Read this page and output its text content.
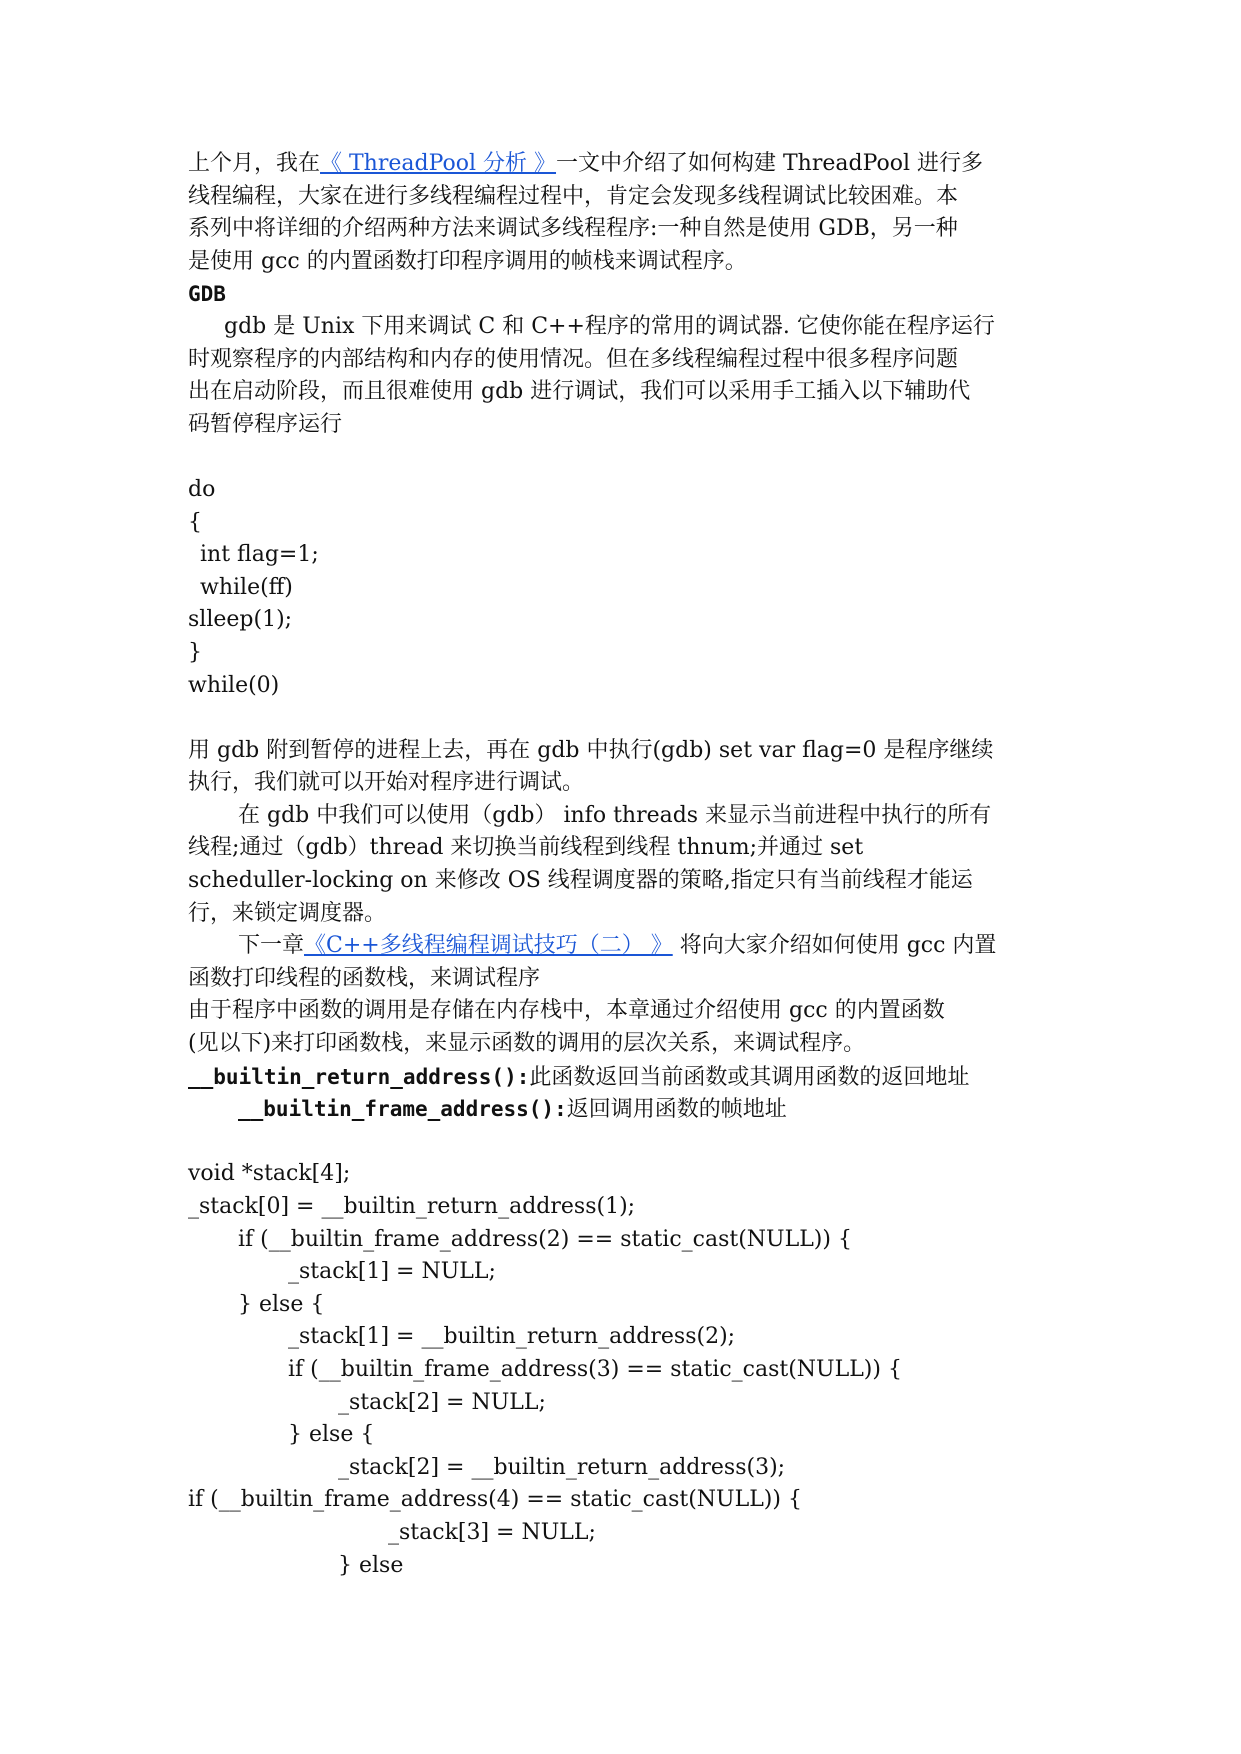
上个月，我在《 ThreadPool 分析 》一文中介绍了如何构建 ThreadPool 进行多
线程编程，大家在进行多线程编程过程中，肯定会发现多线程调试比较困难。本
系列中将详细的介绍两种方法来调试多线程程序:一种自然是使用 GDB，另一种
是使用 gcc 的内置函数打印程序调用的帧栈来调试程序。
GDB
gdb 是 Unix 下用来调试 C 和 C++程序的常用的调试器. 它使你能在程序运行
时观察程序的内部结构和内存的使用情况。但在多线程编程过程中很多程序问题
出在启动阶段，而且很难使用 gdb 进行调试，我们可以采用手工插入以下辅助代
码暂停程序运行
do
{
int flag=1;
while(ff)
slleep(1);
}
while(0)
用 gdb 附到暂停的进程上去，再在 gdb 中执行(gdb) set var flag=0 是程序继续
执行，我们就可以开始对程序进行调试。
在 gdb 中我们可以使用（gdb） info threads 来显示当前进程中执行的所有
线程;通过（gdb）thread 来切换当前线程到线程 thnum;并通过 set
scheduller-locking on 来修改 OS 线程调度器的策略,指定只有当前线程才能运
行，来锁定调度器。
下一章《C++多线程编程调试技巧（二） 》 将向大家介绍如何使用 gcc 内置
函数打印线程的函数栈，来调试程序
由于程序中函数的调用是存储在内存栈中，本章通过介绍使用 gcc 的内置函数
(见以下)来打印函数栈，来显示函数的调用的层次关系，来调试程序。
__builtin_return_address():此函数返回当前函数或其调用函数的返回地址
__builtin_frame_address():返回调用函数的帧地址
void *stack[4];
_stack[0] = __builtin_return_address(1);
if (__builtin_frame_address(2) == static_cast(NULL)) {
_stack[1] = NULL;
} else {
_stack[1] = __builtin_return_address(2);
if (__builtin_frame_address(3) == static_cast(NULL)) {
_stack[2] = NULL;
} else {
_stack[2] = __builtin_return_address(3);
if (__builtin_frame_address(4) == static_cast(NULL)) {
_stack[3] = NULL;
} else
